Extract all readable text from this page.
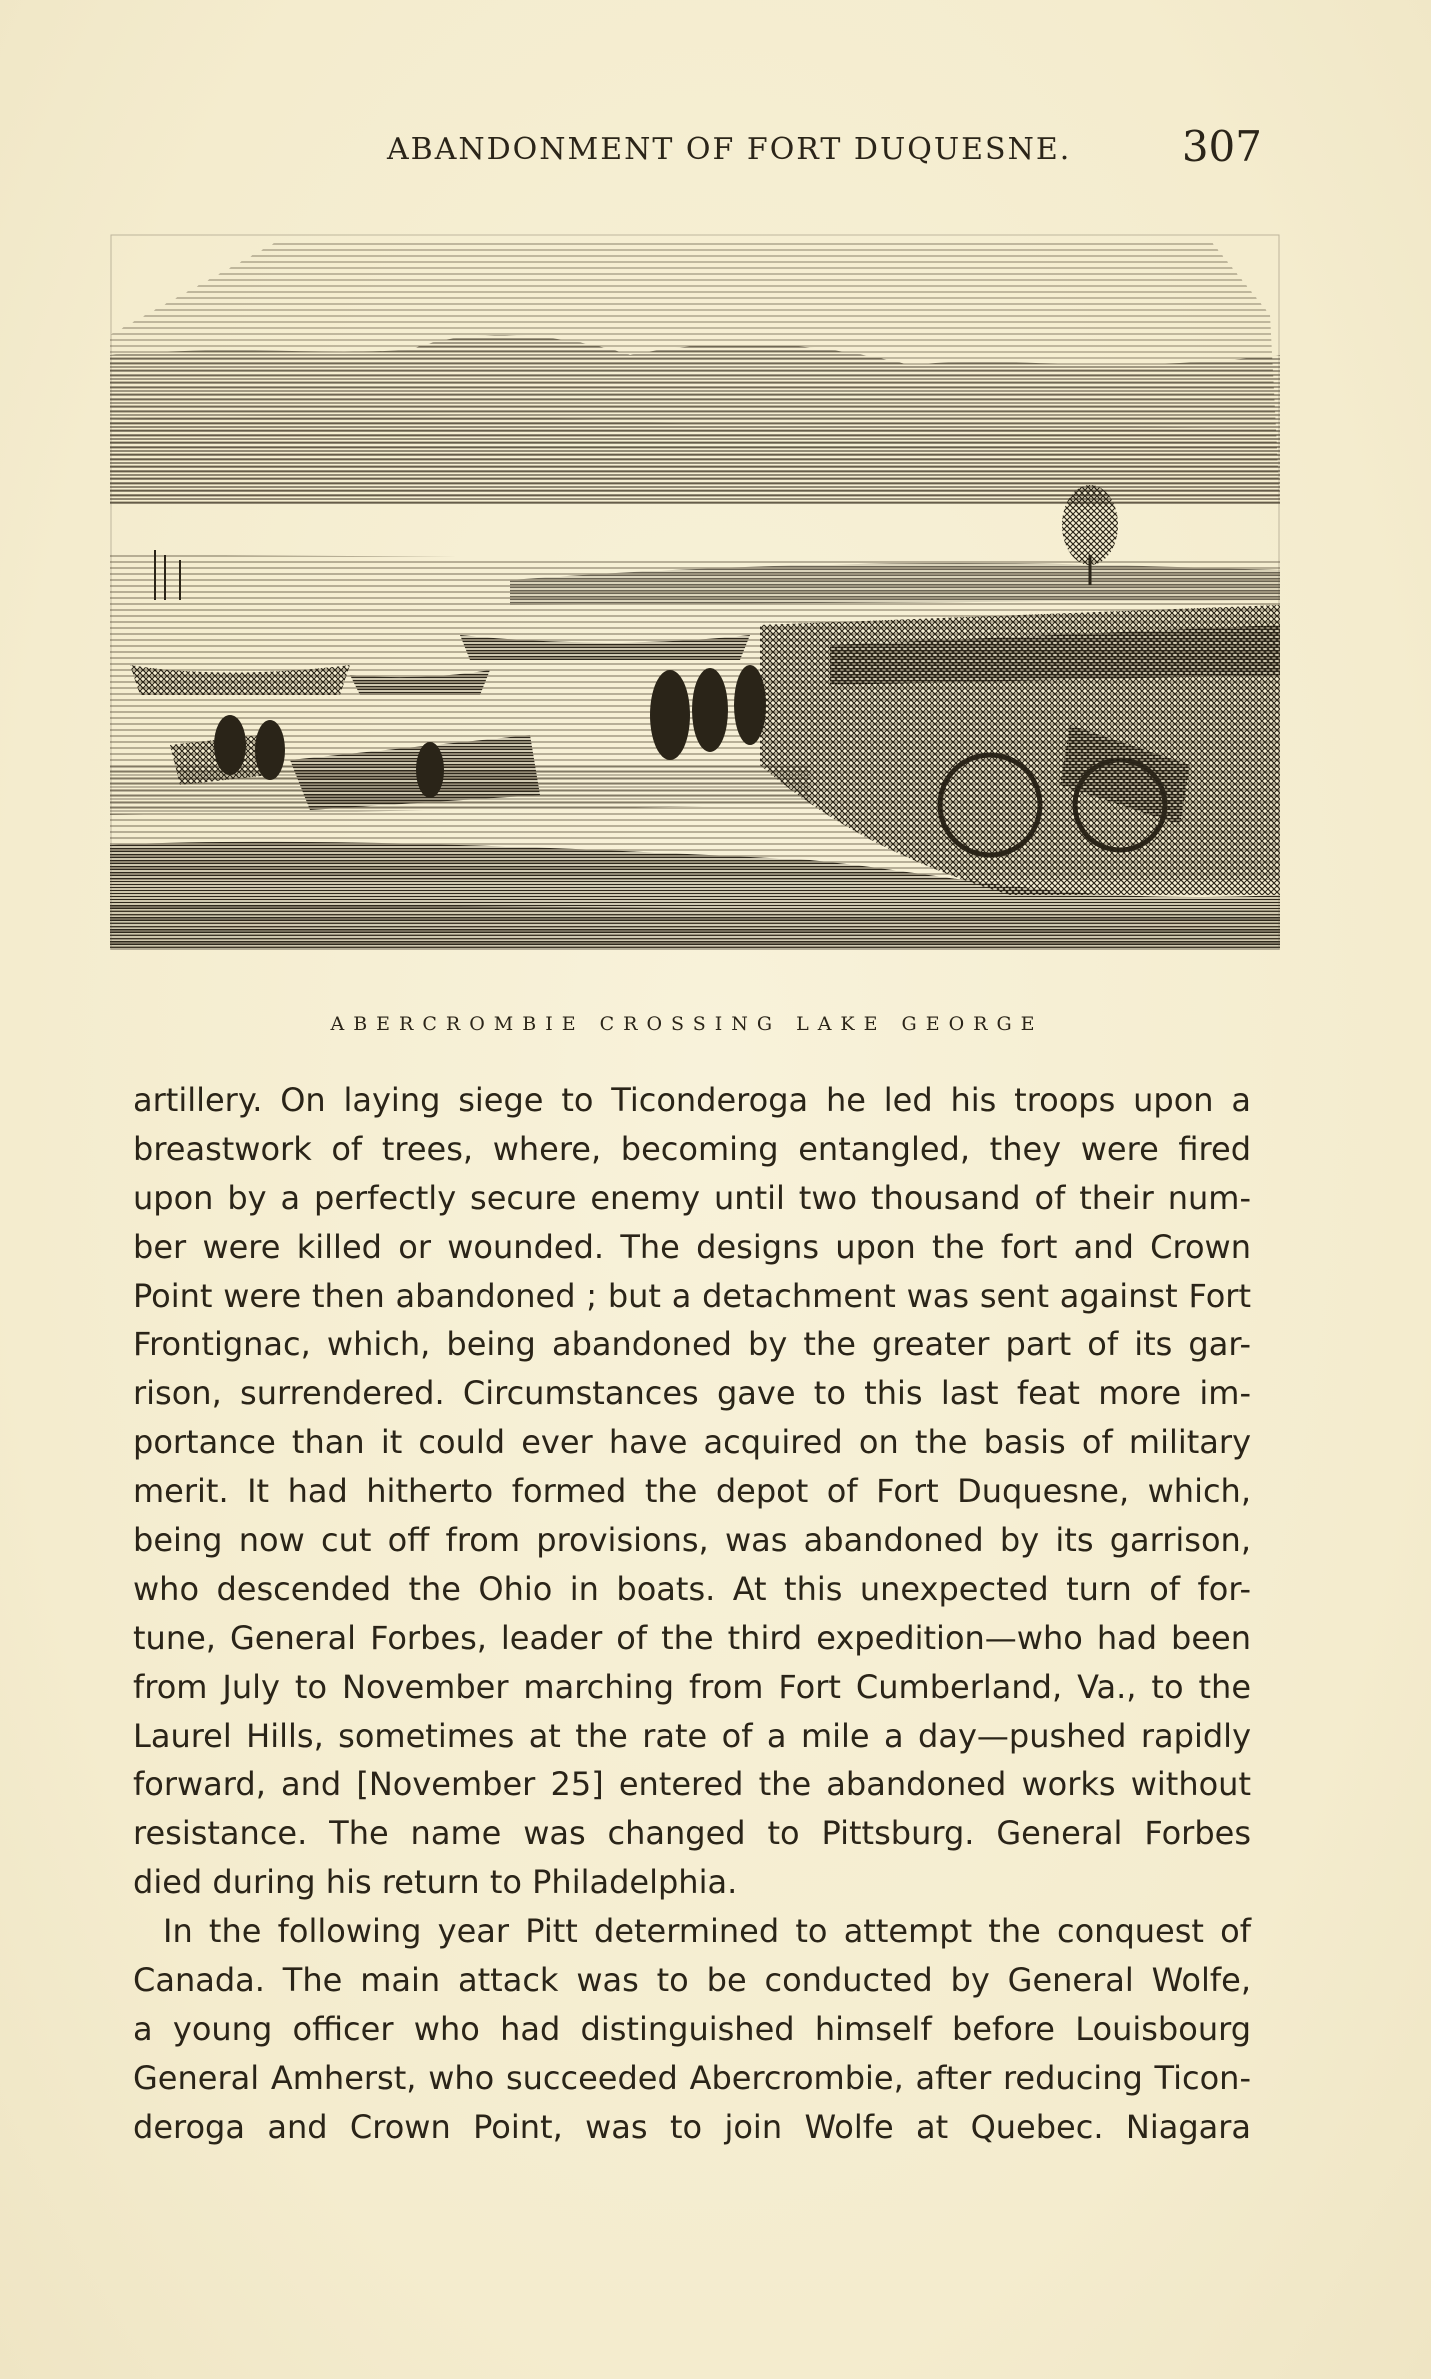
ABANDONMENT OF FORT DUQUESNE.	307
ABERCROMBIE CROSSING LAKE GEORGE
artillery. On laying siege to Ticonderoga he led his troops upon a
breastwork of trees, where, becoming entangled, they were fired
upon by a perfectly secure enemy until two thousand of their num-
ber were killed or wounded. The designs upon the fort and Crown
Point were then abandoned ; but a detachment was sent against Fort
Frontignac, which, being abandoned by the greater part of its gar-
rison, surrendered. Circumstances gave to this last feat more im-
portance than it could ever have acquired on the basis of military
merit. It had hitherto formed the depot of Fort Duquesne, which,
being now cut off from provisions, was abandoned by its garrison,
who descended the Ohio in boats. At this unexpected turn of for-
tune, General Forbes, leader of the third expedition—who had been
from July to November marching from Fort Cumberland, Va., to the
Laurel Hills, sometimes at the rate of a mile a day—pushed rapidly
forward, and [November 25] entered the abandoned works without
resistance. The name was changed to Pittsburg. General Forbes
died during his return to Philadelphia.
In the following year Pitt determined to attempt the conquest of
Canada. The main attack was to be conducted by General Wolfe,
a young officer who had distinguished himself before Louisbourg
General Amherst, who succeeded Abercrombie, after reducing Ticon-
deroga and Crown Point, was to join Wolfe at Quebec. Niagara
